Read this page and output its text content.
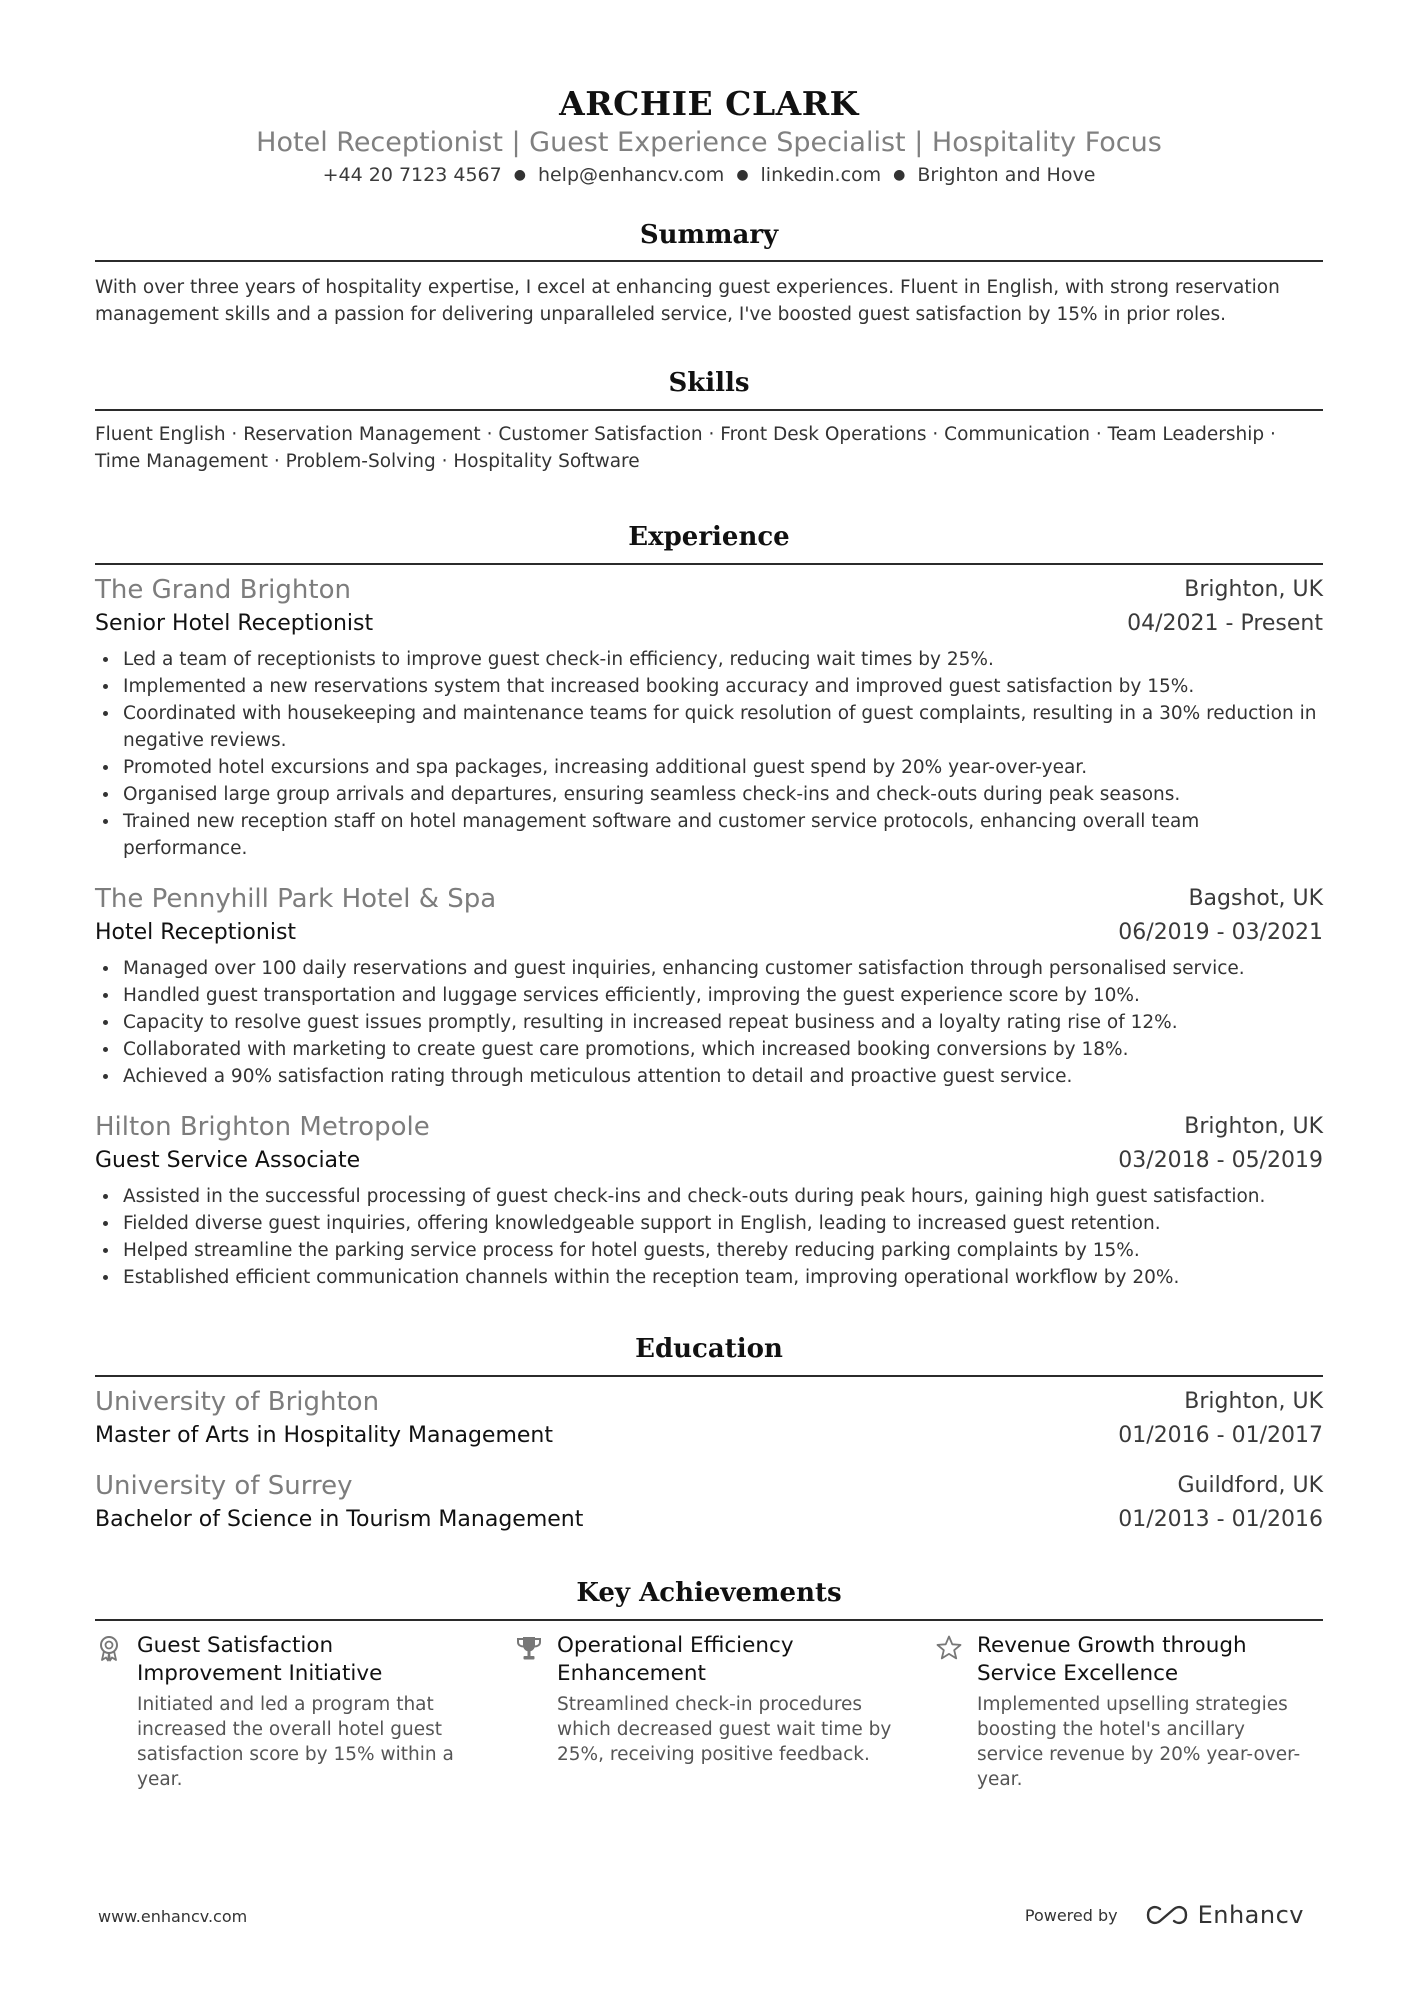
ARCHIE CLARK
Hotel Receptionist | Guest Experience Specialist | Hospitality Focus
+44 20 7123 4567 ● help@enhancv.com ● linkedin.com ● Brighton and Hove
Summary
With over three years of hospitality expertise, I excel at enhancing guest experiences. Fluent in English, with strong reservation management skills and a passion for delivering unparalleled service, I've boosted guest satisfaction by 15% in prior roles.
Skills
Fluent English · Reservation Management · Customer Satisfaction · Front Desk Operations · Communication · Team Leadership · Time Management · Problem-Solving · Hospitality Software
Experience
The Grand Brighton	Brighton, UK
Senior Hotel Receptionist	04/2021 - Present
Led a team of receptionists to improve guest check-in efficiency, reducing wait times by 25%.
Implemented a new reservations system that increased booking accuracy and improved guest satisfaction by 15%.
Coordinated with housekeeping and maintenance teams for quick resolution of guest complaints, resulting in a 30% reduction in negative reviews.
Promoted hotel excursions and spa packages, increasing additional guest spend by 20% year-over-year.
Organised large group arrivals and departures, ensuring seamless check-ins and check-outs during peak seasons.
Trained new reception staff on hotel management software and customer service protocols, enhancing overall team performance.
The Pennyhill Park Hotel & Spa	Bagshot, UK
Hotel Receptionist	06/2019 - 03/2021
Managed over 100 daily reservations and guest inquiries, enhancing customer satisfaction through personalised service.
Handled guest transportation and luggage services efficiently, improving the guest experience score by 10%.
Capacity to resolve guest issues promptly, resulting in increased repeat business and a loyalty rating rise of 12%.
Collaborated with marketing to create guest care promotions, which increased booking conversions by 18%.
Achieved a 90% satisfaction rating through meticulous attention to detail and proactive guest service.
Hilton Brighton Metropole	Brighton, UK
Guest Service Associate	03/2018 - 05/2019
Assisted in the successful processing of guest check-ins and check-outs during peak hours, gaining high guest satisfaction.
Fielded diverse guest inquiries, offering knowledgeable support in English, leading to increased guest retention.
Helped streamline the parking service process for hotel guests, thereby reducing parking complaints by 15%.
Established efficient communication channels within the reception team, improving operational workflow by 20%.
Education
University of Brighton	Brighton, UK
Master of Arts in Hospitality Management	01/2016 - 01/2017
University of Surrey	Guildford, UK
Bachelor of Science in Tourism Management	01/2013 - 01/2016
Key Achievements
Guest Satisfaction Improvement Initiative
Initiated and led a program that increased the overall hotel guest satisfaction score by 15% within a year.
Operational Efficiency Enhancement
Streamlined check-in procedures which decreased guest wait time by 25%, receiving positive feedback.
Revenue Growth through Service Excellence
Implemented upselling strategies boosting the hotel's ancillary service revenue by 20% year-over-year.
www.enhancv.com	Powered by	Enhancv
